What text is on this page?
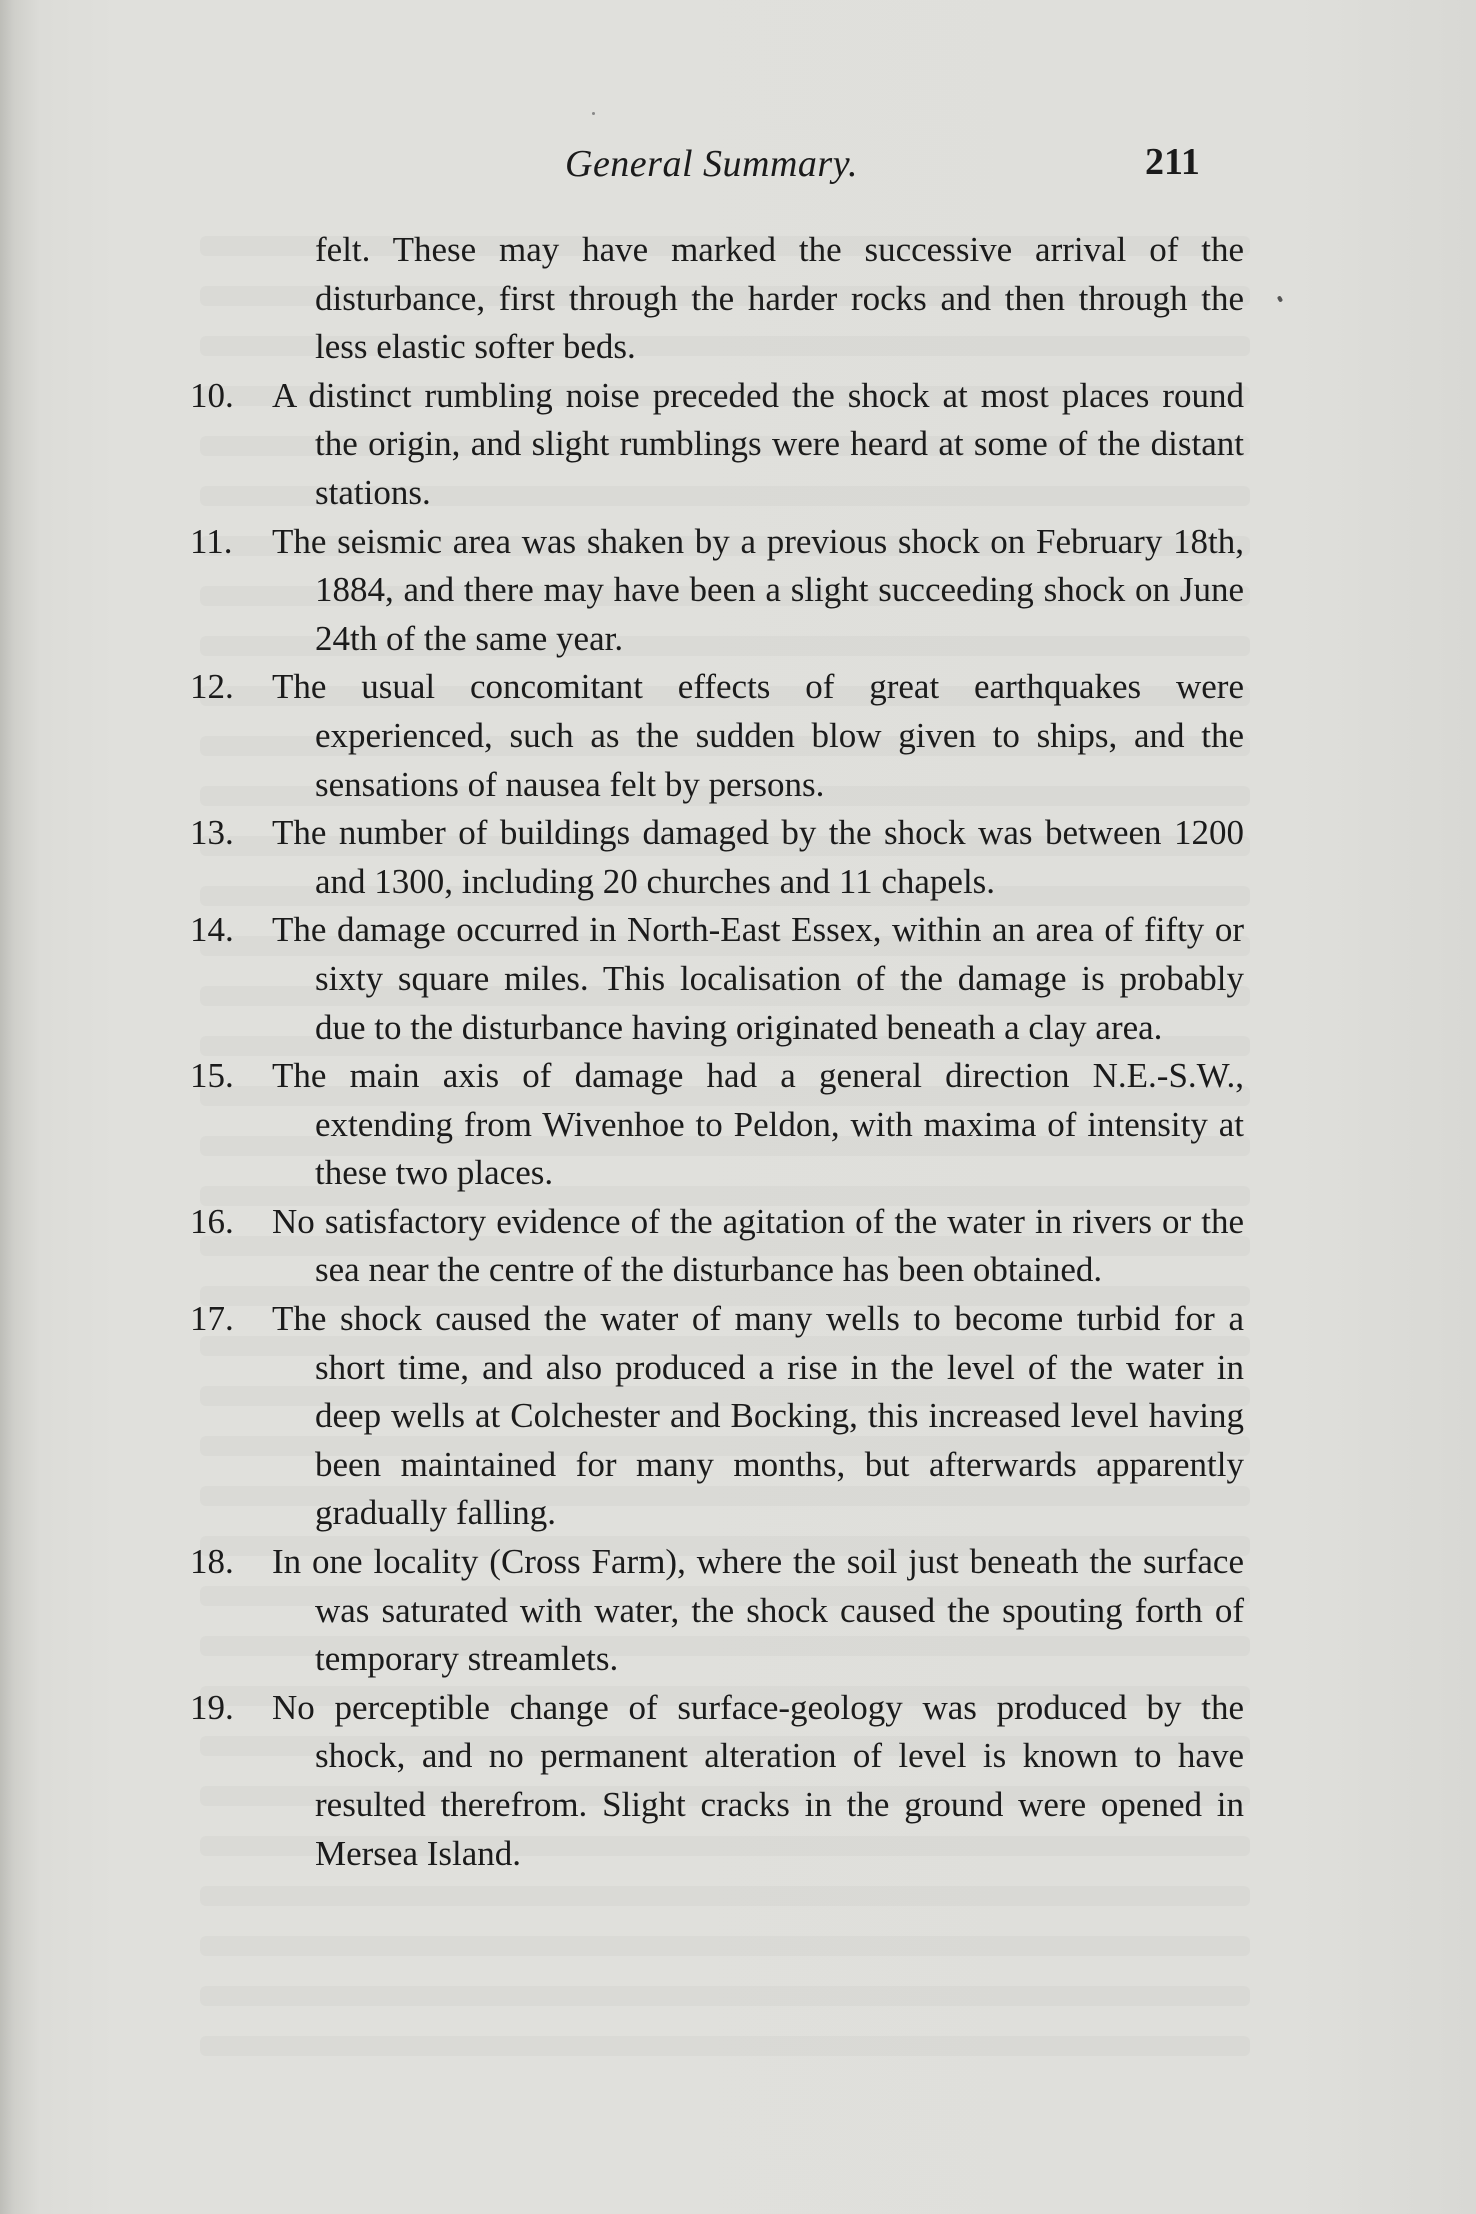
General Summary.	211

felt. These may have marked the successive arrival of the disturbance, first through the harder rocks and then through the less elastic softer beds.

10.	A distinct rumbling noise preceded the shock at most places round the origin, and slight rumblings were heard at some of the distant stations.
11.	The seismic area was shaken by a previous shock on February 18th, 1884, and there may have been a slight succeeding shock on June 24th of the same year.
12.	The usual concomitant effects of great earthquakes were experienced, such as the sudden blow given to ships, and the sensations of nausea felt by persons.
13.	The number of buildings damaged by the shock was between 1200 and 1300, including 20 churches and 11 chapels.
14.	The damage occurred in North-East Essex, within an area of fifty or sixty square miles. This localisation of the damage is probably due to the disturbance having originated beneath a clay area.
15.	The main axis of damage had a general direction N.E.-S.W., extending from Wivenhoe to Peldon, with maxima of intensity at these two places.
16.	No satisfactory evidence of the agitation of the water in rivers or the sea near the centre of the disturbance has been obtained.
17.	The shock caused the water of many wells to become turbid for a short time, and also produced a rise in the level of the water in deep wells at Colchester and Bocking, this increased level having been maintained for many months, but afterwards apparently gradually falling.
18.	In one locality (Cross Farm), where the soil just beneath the surface was saturated with water, the shock caused the spouting forth of temporary streamlets.
19.	No perceptible change of surface-geology was produced by the shock, and no permanent alteration of level is known to have resulted therefrom. Slight cracks in the ground were opened in Mersea Island.
